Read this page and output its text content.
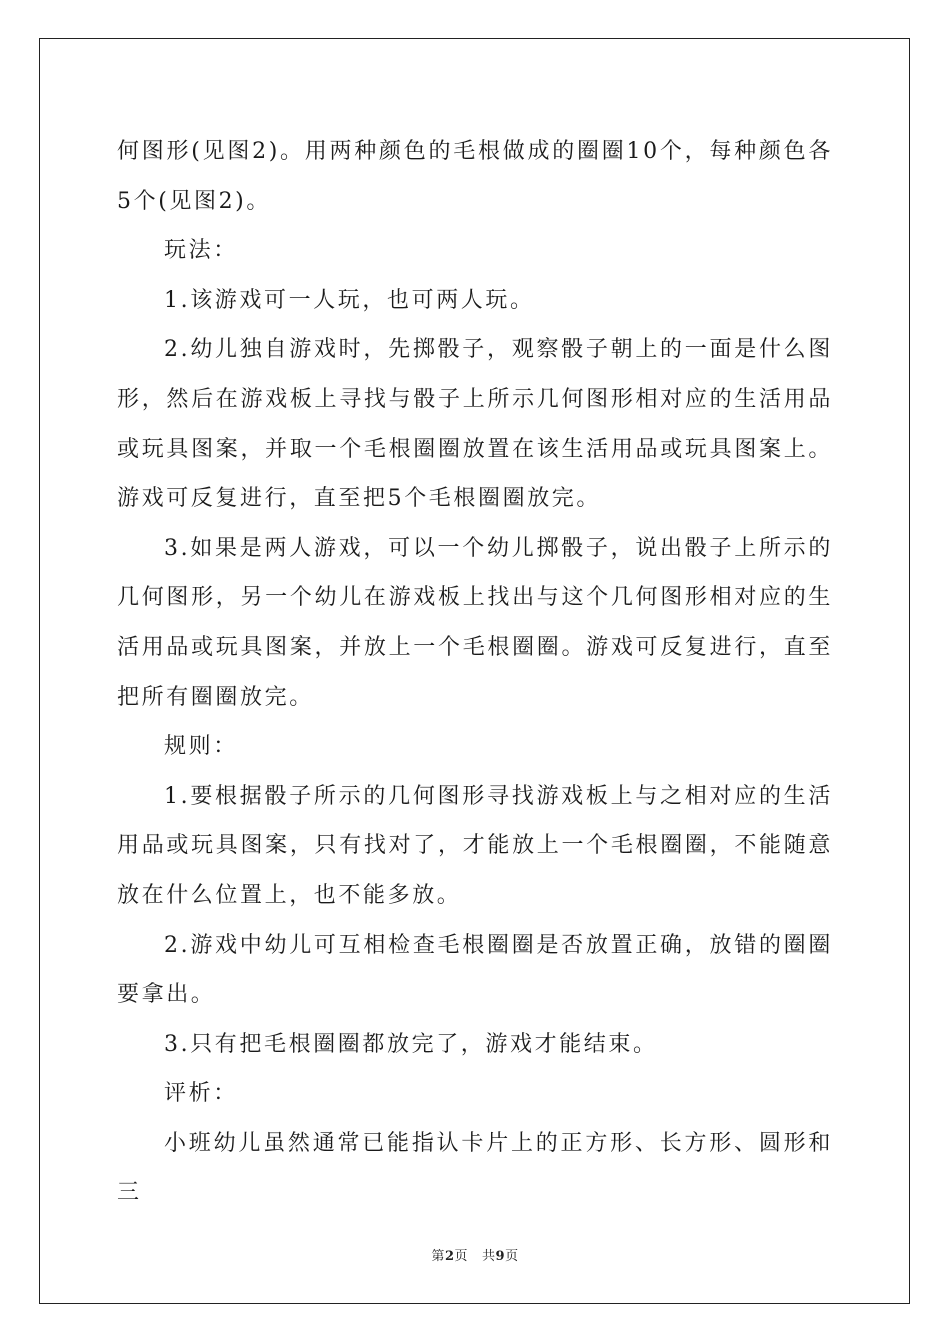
何图形(见图2)。用两种颜色的毛根做成的圈圈10个，每种颜色各5个(见图2)。

玩法：

1.该游戏可一人玩，也可两人玩。

2.幼儿独自游戏时，先掷骰子，观察骰子朝上的一面是什么图形，然后在游戏板上寻找与骰子上所示几何图形相对应的生活用品或玩具图案，并取一个毛根圈圈放置在该生活用品或玩具图案上。游戏可反复进行，直至把5个毛根圈圈放完。

3.如果是两人游戏，可以一个幼儿掷骰子，说出骰子上所示的几何图形，另一个幼儿在游戏板上找出与这个几何图形相对应的生活用品或玩具图案，并放上一个毛根圈圈。游戏可反复进行，直至把所有圈圈放完。

规则：

1.要根据骰子所示的几何图形寻找游戏板上与之相对应的生活用品或玩具图案，只有找对了，才能放上一个毛根圈圈，不能随意放在什么位置上，也不能多放。

2.游戏中幼儿可互相检查毛根圈圈是否放置正确，放错的圈圈要拿出。

3.只有把毛根圈圈都放完了，游戏才能结束。

评析：

小班幼儿虽然通常已能指认卡片上的正方形、长方形、圆形和三

第2页 共9页
